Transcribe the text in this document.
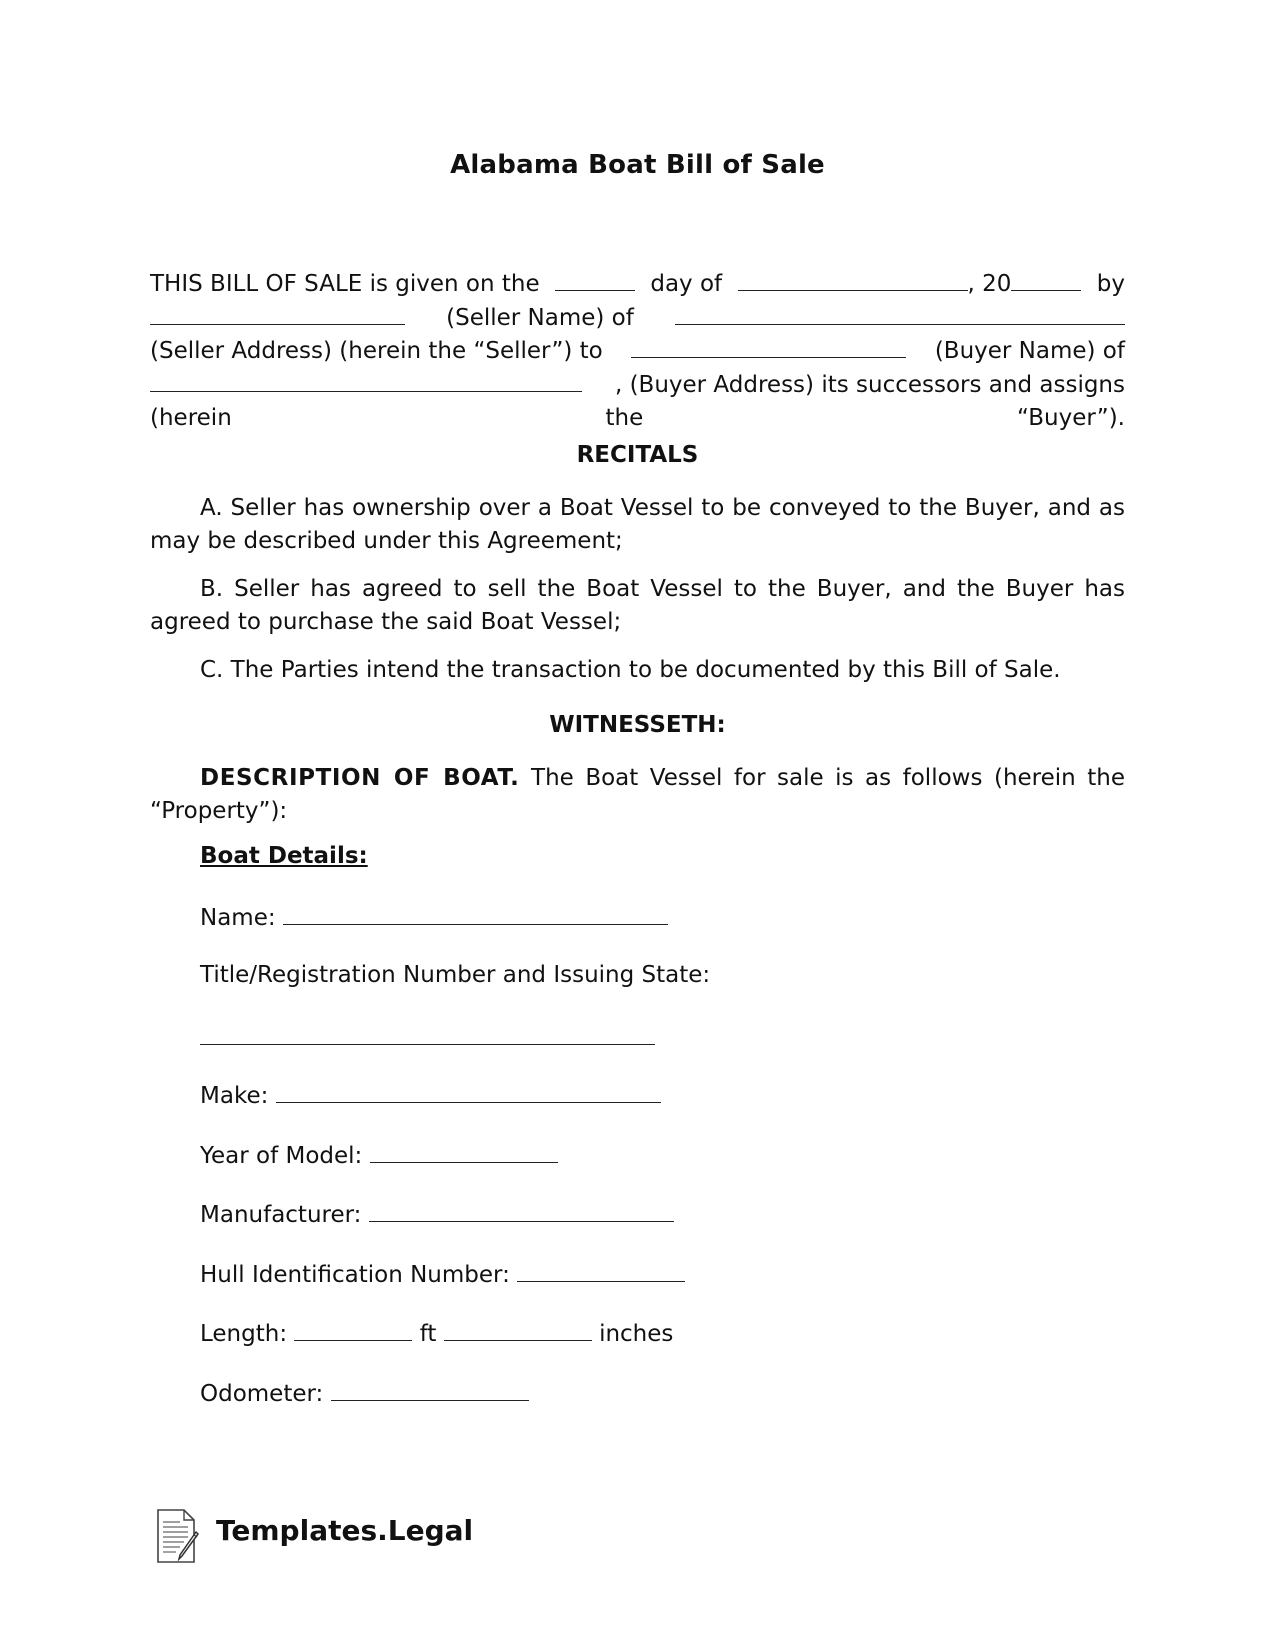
Alabama Boat Bill of Sale
THIS BILL OF SALE is given on the	day of	, 20	by
(Seller Name) of
(Seller Address) (herein the “Seller”) to	(Buyer Name) of
, (Buyer Address) its successors and assigns
(herein the “Buyer”).
RECITALS

A. Seller has ownership over a Boat Vessel to be conveyed to the Buyer, and as may be described under this Agreement;

B. Seller has agreed to sell the Boat Vessel to the Buyer, and the Buyer has agreed to purchase the said Boat Vessel;

C. The Parties intend the transaction to be documented by this Bill of Sale.

WITNESSETH:

DESCRIPTION OF BOAT. The Boat Vessel for sale is as follows (herein the “Property”):

Boat Details:
Name:
Title/Registration Number and Issuing State:
Make:
Year of Model:
Manufacturer:
Hull Identification Number:
Length:	ft	inches
Odometer:
Templates.Legal
